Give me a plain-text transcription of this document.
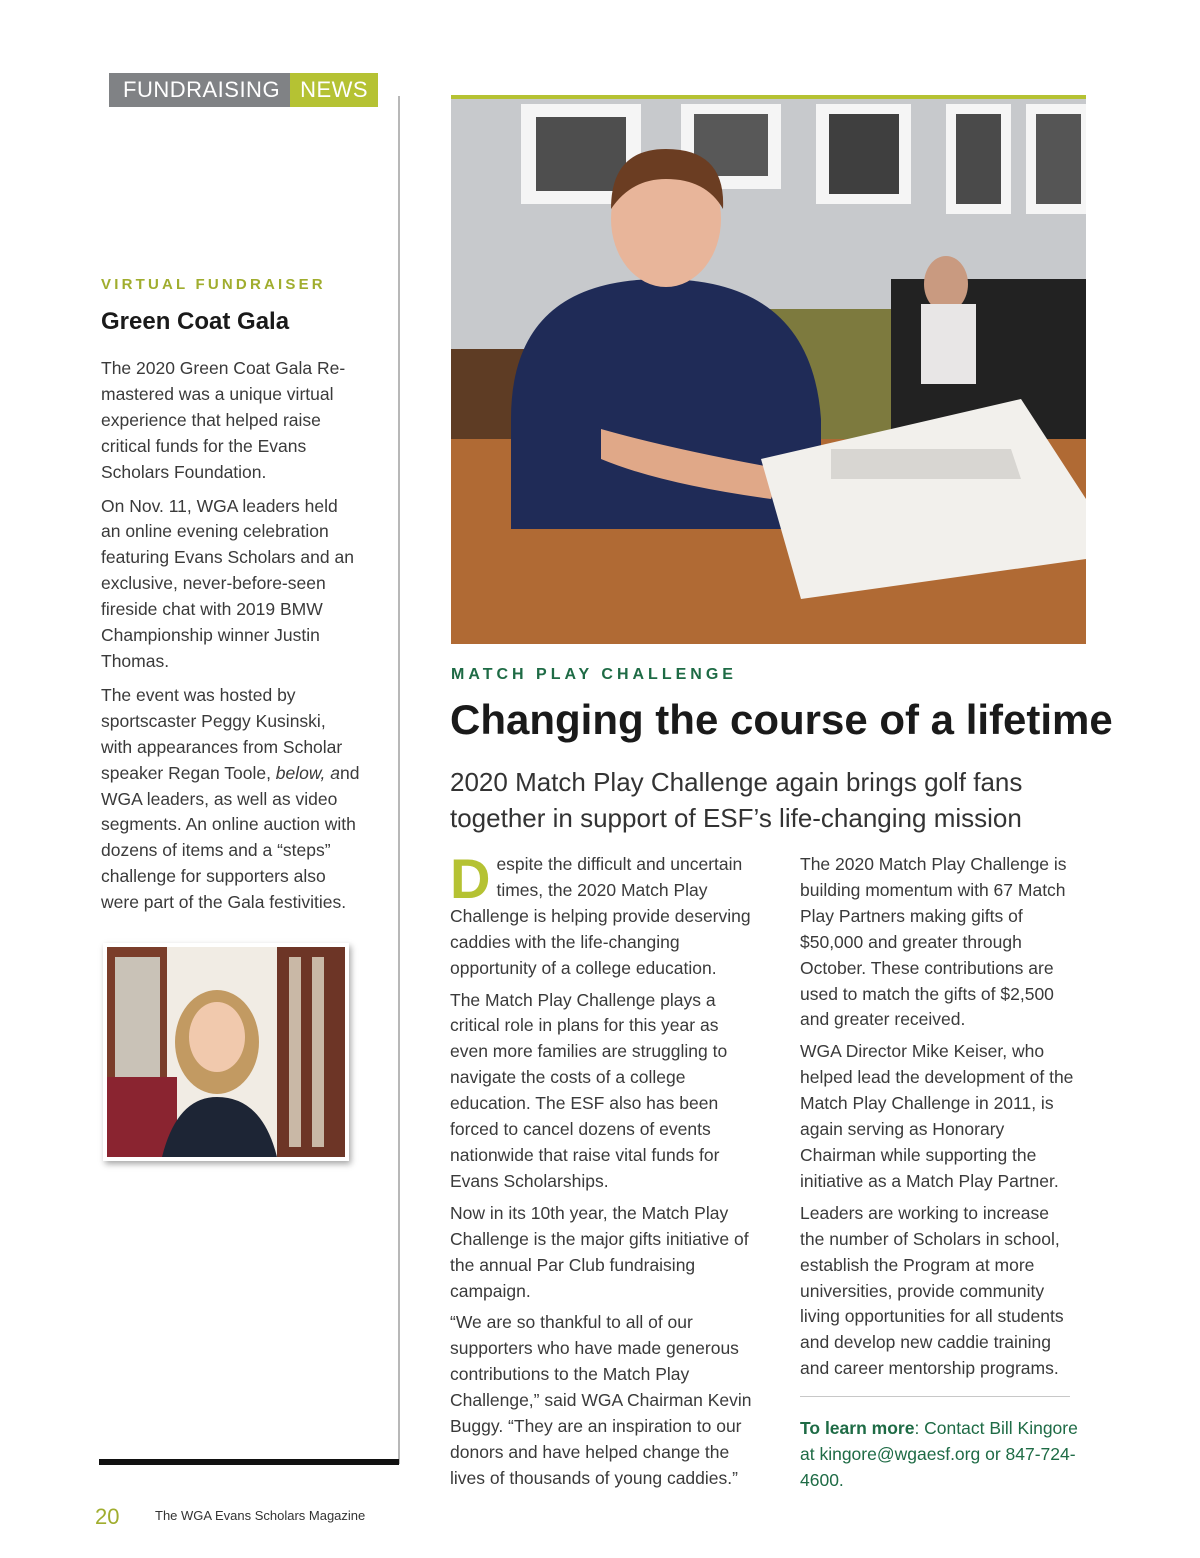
FUNDRAISING NEWS
VIRTUAL FUNDRAISER
Green Coat Gala

The 2020 Green Coat Gala Re-mastered was a unique virtual experience that helped raise critical funds for the Evans Scholars Foundation.

On Nov. 11, WGA leaders held an online evening celebration featuring Evans Scholars and an exclusive, never-before-seen fireside chat with 2019 BMW Championship winner Justin Thomas.

The event was hosted by sportscaster Peggy Kusinski, with appearances from Scholar speaker Regan Toole, below, and WGA leaders, as well as video segments. An online auction with dozens of items and a “steps” challenge for supporters also were part of the Gala festivities.

MATCH PLAY CHALLENGE
Changing the course of a lifetime
2020 Match Play Challenge again brings golf fans together in support of ESF’s life-changing mission

Despite the difficult and uncertain times, the 2020 Match Play Challenge is helping provide deserving caddies with the life-changing opportunity of a college education.

The Match Play Challenge plays a critical role in plans for this year as even more families are struggling to navigate the costs of a college education. The ESF also has been forced to cancel dozens of events nationwide that raise vital funds for Evans Scholarships.

Now in its 10th year, the Match Play Challenge is the major gifts initiative of the annual Par Club fundraising campaign.

“We are so thankful to all of our supporters who have made generous contributions to the Match Play Challenge,” said WGA Chairman Kevin Buggy. “They are an inspiration to our donors and have helped change the lives of thousands of young caddies.”

The 2020 Match Play Challenge is building momentum with 67 Match Play Partners making gifts of $50,000 and greater through October. These contributions are used to match the gifts of $2,500 and greater received.

WGA Director Mike Keiser, who helped lead the development of the Match Play Challenge in 2011, is again serving as Honorary Chairman while supporting the initiative as a Match Play Partner.

Leaders are working to increase the number of Scholars in school, establish the Program at more universities, provide community living opportunities for all students and develop new caddie training and career mentorship programs.

To learn more: Contact Bill Kingore at kingore@wgaesf.org or 847-724-4600.
20	The WGA Evans Scholars Magazine
